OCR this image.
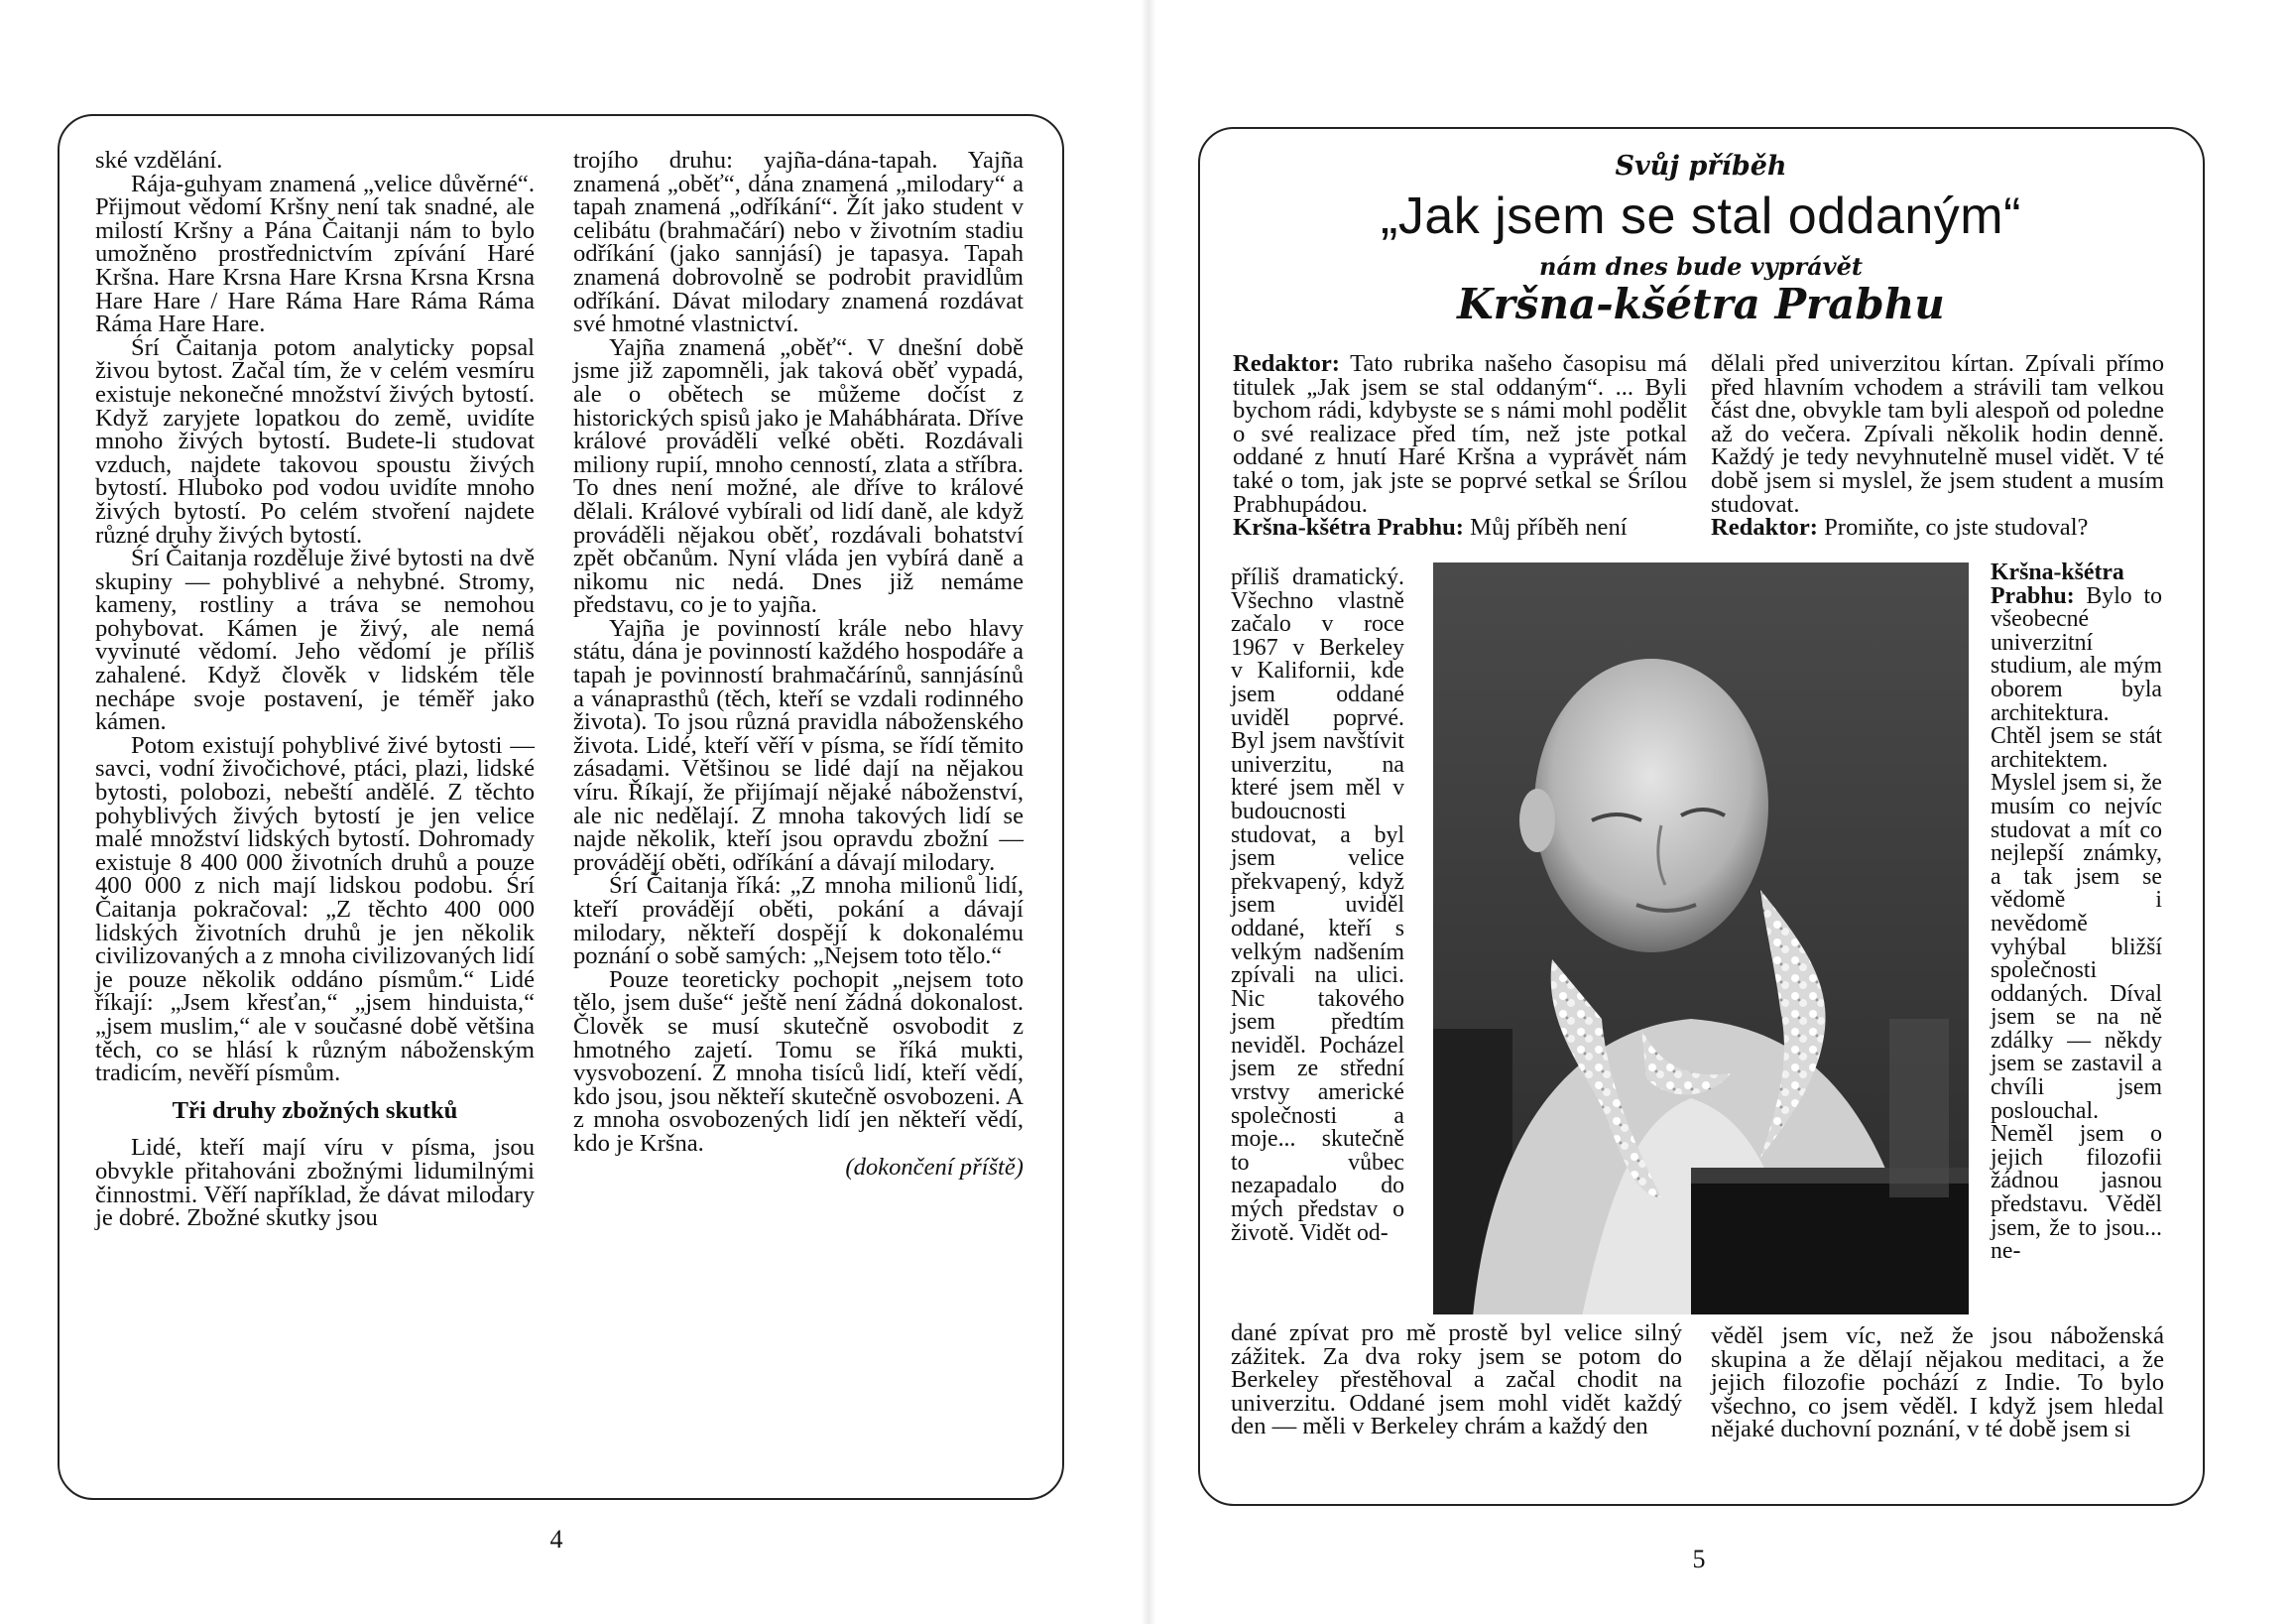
ské vzdělání.

Rája-guhyam znamená „velice důvěrné“. Přijmout vědomí Kršny není tak snadné, ale milostí Kršny a Pána Čaitanji nám to bylo umožněno prostřednictvím zpívání Haré Kršna. Hare Krsna Hare Krsna Krsna Krsna Hare Hare / Hare Ráma Hare Ráma Ráma Ráma Hare Hare.

Śrí Čaitanja potom analyticky popsal živou bytost. Začal tím, že v celém vesmíru existuje nekonečné množství živých bytostí. Když zaryjete lopatkou do země, uvidíte mnoho živých bytostí. Budete-li studovat vzduch, najdete takovou spoustu živých bytostí. Hluboko pod vodou uvidíte mnoho živých bytostí. Po celém stvoření najdete různé druhy živých bytostí.

Śrí Čaitanja rozděluje živé bytosti na dvě skupiny — pohyblivé a nehybné. Stromy, kameny, rostliny a tráva se nemohou pohybovat. Kámen je živý, ale nemá vyvinuté vědomí. Jeho vědomí je příliš zahalené. Když člověk v lidském těle nechápe svoje postavení, je téměř jako kámen.

Potom existují pohyblivé živé bytosti — savci, vodní živočichové, ptáci, plazi, lidské bytosti, polobozi, nebeští andělé. Z těchto pohyblivých živých bytostí je jen velice malé množství lidských bytostí. Dohromady existuje 8 400 000 životních druhů a pouze 400 000 z nich mají lidskou podobu. Śrí Čaitanja pokračoval: „Z těchto 400 000 lidských životních druhů je jen několik civilizovaných a z mnoha civilizovaných lidí je pouze několik oddáno písmům.“ Lidé říkají: „Jsem křesťan,“ „jsem hinduista,“ „jsem muslim,“ ale v současné době většina těch, co se hlásí k různým náboženským tradicím, nevěří písmům.

Tři druhy zbožných skutků

Lidé, kteří mají víru v písma, jsou obvykle přitahováni zbožnými lidumilnými činnostmi. Věří například, že dávat milodary je dobré. Zbožné skutky jsou

trojího druhu: yajña-dána-tapah. Yajña znamená „oběť“, dána znamená „milodary“ a tapah znamená „odříkání“. Žít jako student v celibátu (brahmačárí) nebo v životním stadiu odříkání (jako sannjásí) je tapasya. Tapah znamená dobrovolně se podrobit pravidlům odříkání. Dávat milodary znamená rozdávat své hmotné vlastnictví.

Yajña znamená „oběť“. V dnešní době jsme již zapomněli, jak taková oběť vypadá, ale o obětech se můžeme dočíst z historických spisů jako je Mahábhárata. Dříve králové prováděli velké oběti. Rozdávali miliony rupií, mnoho cenností, zlata a stříbra. To dnes není možné, ale dříve to králové dělali. Králové vybírali od lidí daně, ale když prováděli nějakou oběť, rozdávali bohatství zpět občanům. Nyní vláda jen vybírá daně a nikomu nic nedá. Dnes již nemáme představu, co je to yajña.

Yajña je povinností krále nebo hlavy státu, dána je povinností každého hospodáře a tapah je povinností brahmačárínů, sannjásínů a vánaprasthů (těch, kteří se vzdali rodinného života). To jsou různá pravidla náboženského života. Lidé, kteří věří v písma, se řídí těmito zásadami. Většinou se lidé dají na nějakou víru. Říkají, že přijímají nějaké náboženství, ale nic nedělají. Z mnoha takových lidí se najde několik, kteří jsou opravdu zbožní — provádějí oběti, odříkání a dávají milodary.

Śrí Čaitanja říká: „Z mnoha milionů lidí, kteří provádějí oběti, pokání a dávají milodary, někteří dospějí k dokonalému poznání o sobě samých: „Nejsem toto tělo.“

Pouze teoreticky pochopit „nejsem toto tělo, jsem duše“ ještě není žádná dokonalost. Člověk se musí skutečně osvobodit z hmotného zajetí. Tomu se říká mukti, vysvobození. Z mnoha tisíců lidí, kteří vědí, kdo jsou, jsou někteří skutečně osvobozeni. A z mnoha osvobozených lidí jen někteří vědí, kdo je Kršna.

(dokončení příště)

4
Svůj příběh
„Jak jsem se stal oddaným“
nám dnes bude vyprávět
Kršna-kšétra Prabhu

Redaktor: Tato rubrika našeho časopisu má titulek „Jak jsem se stal oddaným“. ... Byli bychom rádi, kdybyste se s námi mohl podělit o své realizace před tím, než jste potkal oddané z hnutí Haré Kršna a vyprávět nám také o tom, jak jste se poprvé setkal se Śrílou Prabhupádou.

Kršna-kšétra Prabhu: Můj příběh není

příliš dramatický. Všechno vlastně začalo v roce 1967 v Berkeley v Kalifornii, kde jsem oddané uviděl poprvé. Byl jsem navštívit univerzitu, na které jsem měl v budoucnosti studovat, a byl jsem velice překvapený, když jsem uviděl oddané, kteří s velkým nadšením zpívali na ulici. Nic takového jsem předtím neviděl. Pocházel jsem ze střední vrstvy americké společnosti a moje... skutečně to vůbec nezapadalo do mých představ o životě. Vidět od-

dělali před univerzitou kírtan. Zpívali přímo před hlavním vchodem a strávili tam velkou část dne, obvykle tam byli alespoň od poledne až do večera. Zpívali několik hodin denně. Každý je tedy nevyhnutelně musel vidět. V té době jsem si myslel, že jsem student a musím studovat.

Redaktor: Promiňte, co jste studoval?

Kršna-kšétra Prabhu: Bylo to všeobecné univerzitní studium, ale mým oborem byla architektura. Chtěl jsem se stát architektem. Myslel jsem si, že musím co nejvíc studovat a mít co nejlepší známky, a tak jsem se vědomě i nevědomě vyhýbal bližší společnosti oddaných. Díval jsem se na ně zdálky — někdy jsem se zastavil a chvíli jsem poslouchal. Neměl jsem o jejich filozofii žádnou jasnou představu. Věděl jsem, že to jsou... ne-

dané zpívat pro mě prostě byl velice silný zážitek. Za dva roky jsem se potom do Berkeley přestěhoval a začal chodit na univerzitu. Oddané jsem mohl vidět každý den — měli v Berkeley chrám a každý den

věděl jsem víc, než že jsou náboženská skupina a že dělají nějakou meditaci, a že jejich filozofie pochází z Indie. To bylo všechno, co jsem věděl. I když jsem hledal nějaké duchovní poznání, v té době jsem si

5
